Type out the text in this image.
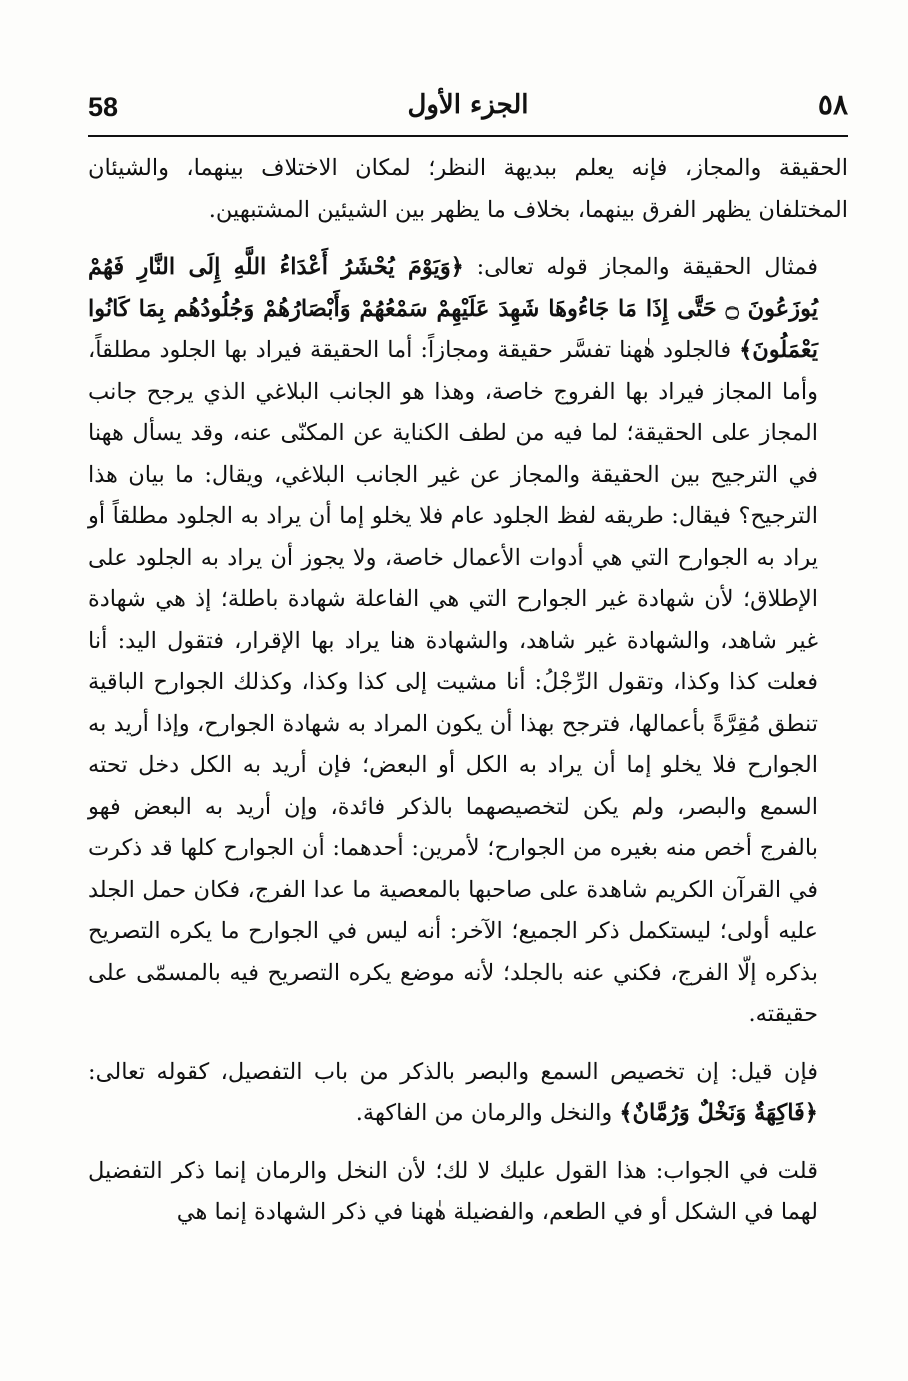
58	الجزء الأول	٥٨

الحقيقة والمجاز، فإنه يعلم ببديهة النظر؛ لمكان الاختلاف بينهما، والشيئان المختلفان يظهر الفرق بينهما، بخلاف ما يظهر بين الشيئين المشتبهين.

فمثال الحقيقة والمجاز قوله تعالى: ﴿وَيَوْمَ يُحْشَرُ أَعْدَاءُ اللَّهِ إِلَى النَّارِ فَهُمْ يُوزَعُونَ ۝ حَتَّى إِذَا مَا جَاءُوهَا شَهِدَ عَلَيْهِمْ سَمْعُهُمْ وَأَبْصَارُهُمْ وَجُلُودُهُم بِمَا كَانُوا يَعْمَلُونَ﴾ فالجلود هٰهنا تفسَّر حقيقة ومجازاً: أما الحقيقة فيراد بها الجلود مطلقاً، وأما المجاز فيراد بها الفروج خاصة، وهذا هو الجانب البلاغي الذي يرجح جانب المجاز على الحقيقة؛ لما فيه من لطف الكناية عن المكنّى عنه، وقد يسأل ههنا في الترجيح بين الحقيقة والمجاز عن غير الجانب البلاغي، ويقال: ما بيان هذا الترجيح؟ فيقال: طريقه لفظ الجلود عام فلا يخلو إما أن يراد به الجلود مطلقاً أو يراد به الجوارح التي هي أدوات الأعمال خاصة، ولا يجوز أن يراد به الجلود على الإطلاق؛ لأن شهادة غير الجوارح التي هي الفاعلة شهادة باطلة؛ إذ هي شهادة غير شاهد، والشهادة غير شاهد، والشهادة هنا يراد بها الإقرار، فتقول اليد: أنا فعلت كذا وكذا، وتقول الرِّجْلُ: أنا مشيت إلى كذا وكذا، وكذلك الجوارح الباقية تنطق مُقِرَّةً بأعمالها، فترجح بهذا أن يكون المراد به شهادة الجوارح، وإذا أريد به الجوارح فلا يخلو إما أن يراد به الكل أو البعض؛ فإن أريد به الكل دخل تحته السمع والبصر، ولم يكن لتخصيصهما بالذكر فائدة، وإن أريد به البعض فهو بالفرج أخص منه بغيره من الجوارح؛ لأمرين: أحدهما: أن الجوارح كلها قد ذكرت في القرآن الكريم شاهدة على صاحبها بالمعصية ما عدا الفرج، فكان حمل الجلد عليه أولى؛ ليستكمل ذكر الجميع؛ الآخر: أنه ليس في الجوارح ما يكره التصريح بذكره إلّا الفرج، فكني عنه بالجلد؛ لأنه موضع يكره التصريح فيه بالمسمّى على حقيقته.

فإن قيل: إن تخصيص السمع والبصر بالذكر من باب التفصيل، كقوله تعالى: ﴿فَاكِهَةٌ وَنَخْلٌ وَرُمَّانٌ﴾ والنخل والرمان من الفاكهة.

قلت في الجواب: هذا القول عليك لا لك؛ لأن النخل والرمان إنما ذكر التفضيل لهما في الشكل أو في الطعم، والفضيلة هٰهنا في ذكر الشهادة إنما هي
